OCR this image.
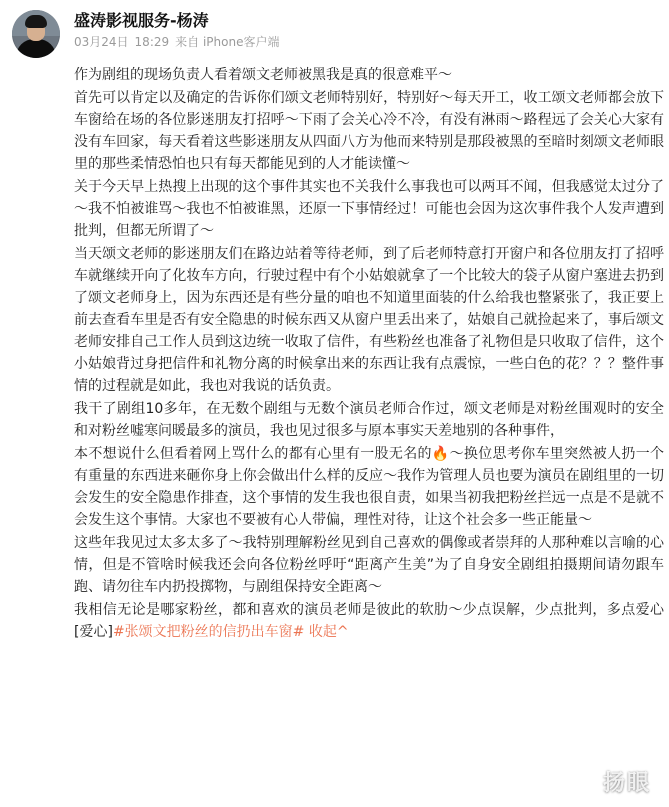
盛涛影视服务-杨涛
03月24日 18:29 来自 iPhone客户端

作为剧组的现场负责人看着颂文老师被黑我是真的很意难平～

首先可以肯定以及确定的告诉你们颂文老师特别好，特别好～每天开工，收工颂文老师都会放下车窗给在场的各位影迷朋友打招呼～下雨了会关心冷不冷，有没有淋雨～路程远了会关心大家有没有车回家，每天看着这些影迷朋友从四面八方为他而来特别是那段被黑的至暗时刻颂文老师眼里的那些柔情恐怕也只有每天都能见到的人才能读懂～

关于今天早上热搜上出现的这个事件其实也不关我什么事我也可以两耳不闻，但我感觉太过分了～我不怕被谁骂～我也不怕被谁黑，还原一下事情经过！可能也会因为这次事件我个人发声遭到批判，但都无所谓了～

当天颂文老师的影迷朋友们在路边站着等待老师，到了后老师特意打开窗户和各位朋友打了招呼车就继续开向了化妆车方向，行驶过程中有个小姑娘就拿了一个比较大的袋子从窗户塞进去扔到了颂文老师身上，因为东西还是有些分量的咱也不知道里面装的什么给我也整紧张了，我正要上前去查看车里是否有安全隐患的时候东西又从窗户里丢出来了，姑娘自己就捡起来了，事后颂文老师安排自己工作人员到这边统一收取了信件，有些粉丝也准备了礼物但是只收取了信件，这个小姑娘背过身把信件和礼物分离的时候拿出来的东西让我有点震惊，一些白色的花？？？整件事情的过程就是如此，我也对我说的话负责。

我干了剧组10多年，在无数个剧组与无数个演员老师合作过，颂文老师是对粉丝围观时的安全和对粉丝嘘寒问暖最多的演员，我也见过很多与原本事实天差地别的各种事件，

本不想说什么但看着网上骂什么的都有心里有一股无名的🔥～换位思考你车里突然被人扔一个有重量的东西进来砸你身上你会做出什么样的反应～我作为管理人员也要为演员在剧组里的一切会发生的安全隐患作排查，这个事情的发生我也很自责，如果当初我把粉丝拦远一点是不是就不会发生这个事情。大家也不要被有心人带偏，理性对待，让这个社会多一些正能量～

这些年我见过太多太多了～我特别理解粉丝见到自己喜欢的偶像或者崇拜的人那种难以言喻的心情，但是不管啥时候我还会向各位粉丝呼吁“距离产生美”为了自身安全剧组拍摄期间请勿跟车跑、请勿往车内扔投掷物，与剧组保持安全距离～

我相信无论是哪家粉丝，都和喜欢的演员老师是彼此的软肋～少点误解，少点批判，多点爱心[爱心]#张颂文把粉丝的信扔出车窗# 收起^

扬眼
